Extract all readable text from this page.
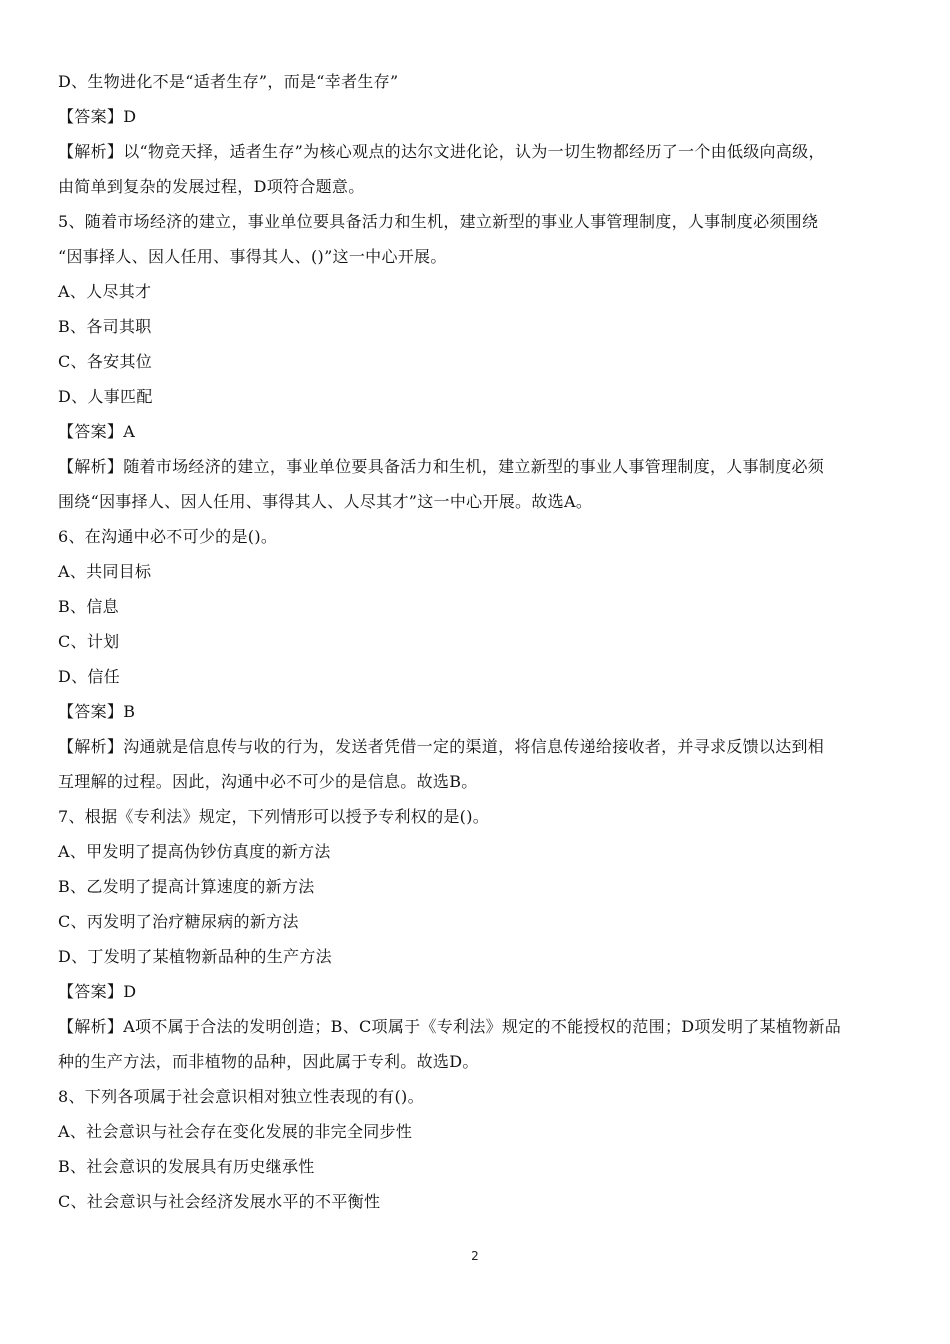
D、生物进化不是“适者生存”，而是“幸者生存”
【答案】D
【解析】以“物竞天择，适者生存”为核心观点的达尔文进化论，认为一切生物都经历了一个由低级向高级，
由简单到复杂的发展过程，D项符合题意。
5、随着市场经济的建立，事业单位要具备活力和生机，建立新型的事业人事管理制度，人事制度必须围绕
“因事择人、因人任用、事得其人、()”这一中心开展。
A、人尽其才
B、各司其职
C、各安其位
D、人事匹配
【答案】A
【解析】随着市场经济的建立，事业单位要具备活力和生机，建立新型的事业人事管理制度，人事制度必须
围绕“因事择人、因人任用、事得其人、人尽其才”这一中心开展。故选A。
6、在沟通中必不可少的是()。
A、共同目标
B、信息
C、计划
D、信任
【答案】B
【解析】沟通就是信息传与收的行为，发送者凭借一定的渠道，将信息传递给接收者，并寻求反馈以达到相
互理解的过程。因此，沟通中必不可少的是信息。故选B。
7、根据《专利法》规定，下列情形可以授予专利权的是()。
A、甲发明了提高伪钞仿真度的新方法
B、乙发明了提高计算速度的新方法
C、丙发明了治疗糖尿病的新方法
D、丁发明了某植物新品种的生产方法
【答案】D
【解析】A项不属于合法的发明创造；B、C项属于《专利法》规定的不能授权的范围；D项发明了某植物新品
种的生产方法，而非植物的品种，因此属于专利。故选D。
8、下列各项属于社会意识相对独立性表现的有()。
A、社会意识与社会存在变化发展的非完全同步性
B、社会意识的发展具有历史继承性
C、社会意识与社会经济发展水平的不平衡性
2
